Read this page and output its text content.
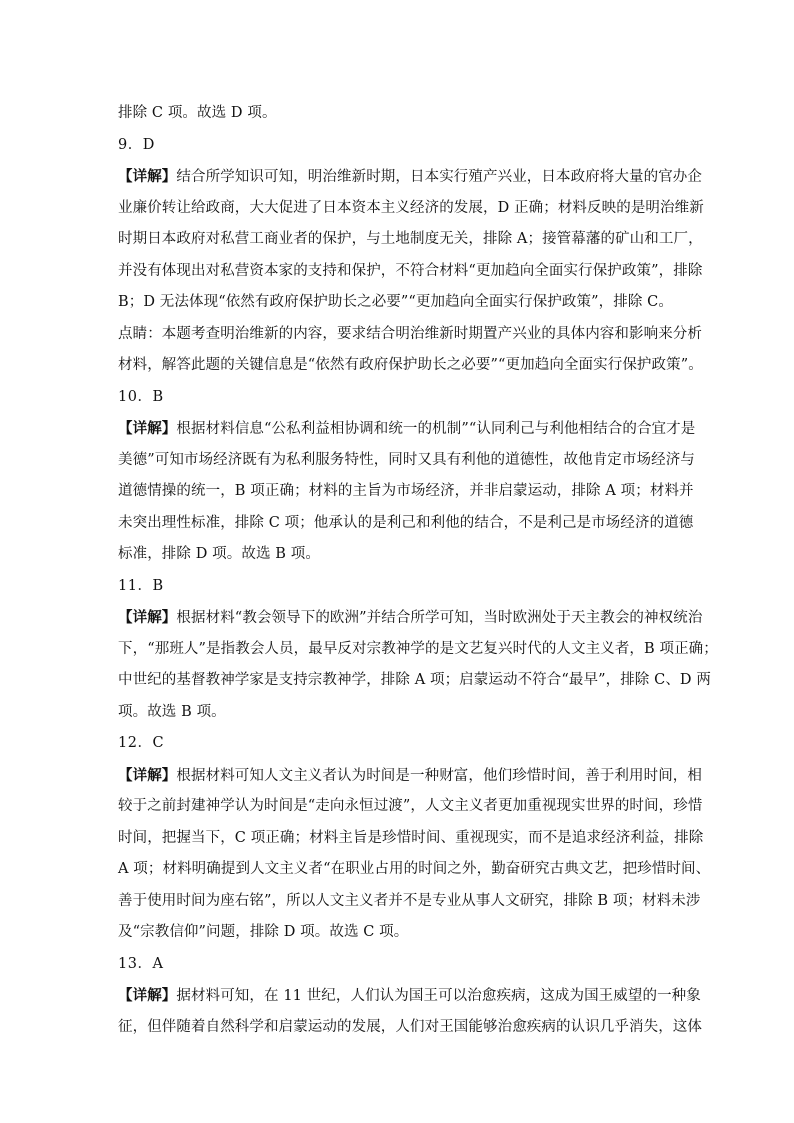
排除 C 项。故选 D 项。
9．D
【详解】结合所学知识可知，明治维新时期，日本实行殖产兴业，日本政府将大量的官办企
业廉价转让给政商，大大促进了日本资本主义经济的发展，D 正确；材料反映的是明治维新
时期日本政府对私营工商业者的保护，与土地制度无关，排除 A；接管幕藩的矿山和工厂，
并没有体现出对私营资本家的支持和保护，不符合材料“更加趋向全面实行保护政策”，排除
B；D 无法体现“依然有政府保护助长之必要”“更加趋向全面实行保护政策”，排除 C。
点睛：本题考查明治维新的内容，要求结合明治维新时期置产兴业的具体内容和影响来分析
材料，解答此题的关键信息是“依然有政府保护助长之必要”“更加趋向全面实行保护政策”。
10．B
【详解】根据材料信息“公私利益相协调和统一的机制”“认同利己与利他相结合的合宜才是
美德”可知市场经济既有为私利服务特性，同时又具有利他的道德性，故他肯定市场经济与
道德情操的统一，B 项正确；材料的主旨为市场经济，并非启蒙运动，排除 A 项；材料并
未突出理性标准，排除 C 项；他承认的是利己和利他的结合，不是利己是市场经济的道德
标准，排除 D 项。故选 B 项。
11．B
【详解】根据材料“教会领导下的欧洲”并结合所学可知，当时欧洲处于天主教会的神权统治
下，“那班人”是指教会人员，最早反对宗教神学的是文艺复兴时代的人文主义者，B 项正确；
中世纪的基督教神学家是支持宗教神学，排除 A 项；启蒙运动不符合“最早”，排除 C、D 两
项。故选 B 项。
12．C
【详解】根据材料可知人文主义者认为时间是一种财富，他们珍惜时间，善于利用时间，相
较于之前封建神学认为时间是“走向永恒过渡”，人文主义者更加重视现实世界的时间，珍惜
时间，把握当下，C 项正确；材料主旨是珍惜时间、重视现实，而不是追求经济利益，排除
A 项；材料明确提到人文主义者“在职业占用的时间之外，勤奋研究古典文艺，把珍惜时间、
善于使用时间为座右铭”，所以人文主义者并不是专业从事人文研究，排除 B 项；材料未涉
及“宗教信仰”问题，排除 D 项。故选 C 项。
13．A
【详解】据材料可知，在 11 世纪，人们认为国王可以治愈疾病，这成为国王威望的一种象
征，但伴随着自然科学和启蒙运动的发展，人们对王国能够治愈疾病的认识几乎消失，这体
